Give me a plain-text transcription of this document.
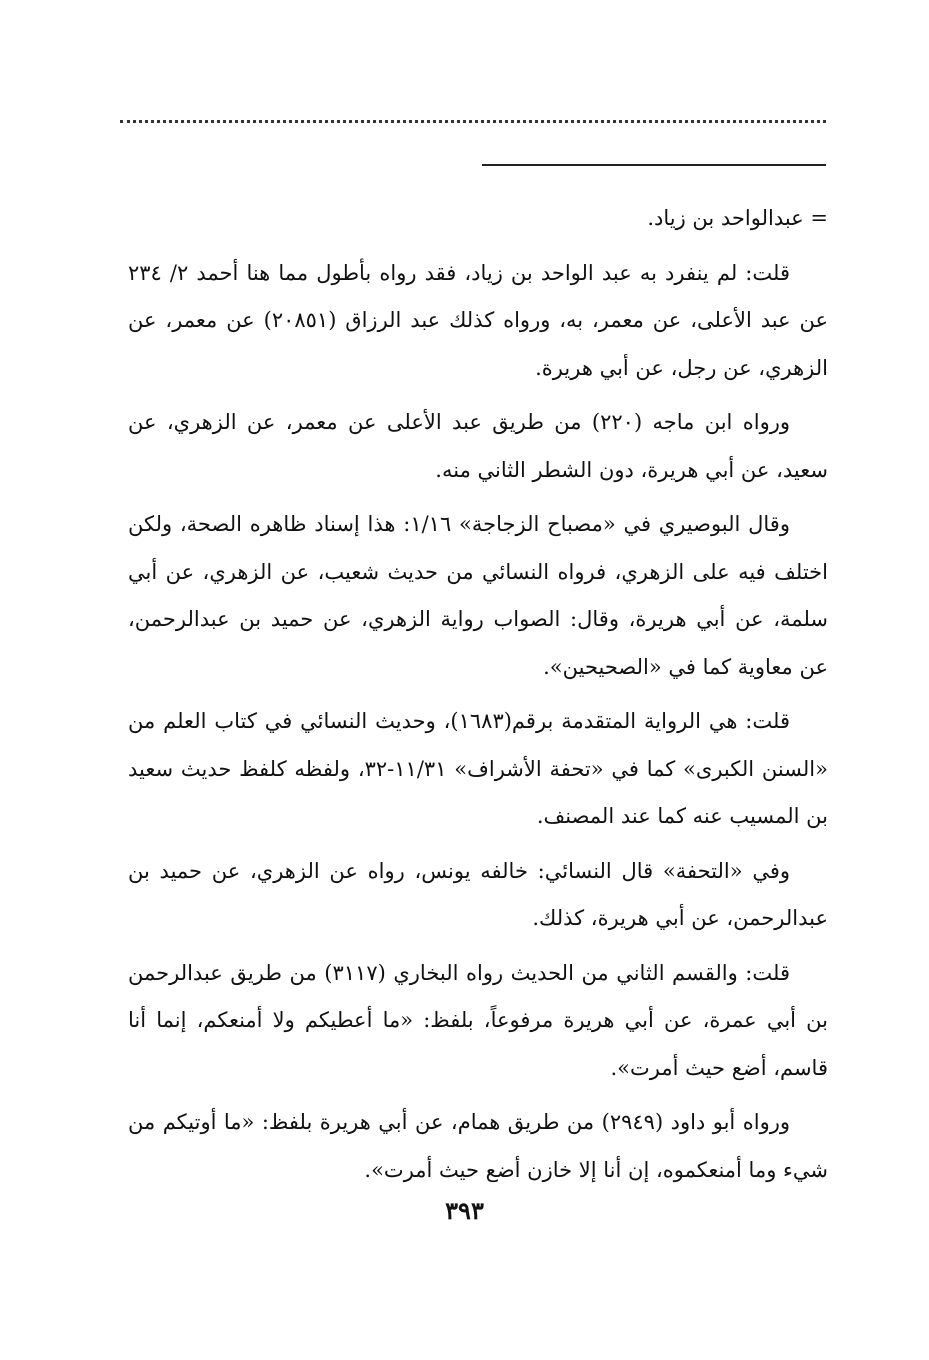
= عبدالواحد بن زياد.

قلت: لم ينفرد به عبد الواحد بن زياد، فقد رواه بأطول مما هنا أحمد ٢/ ٢٣٤ عن عبد الأعلى، عن معمر، به، ورواه كذلك عبد الرزاق (٢٠٨٥١) عن معمر، عن الزهري، عن رجل، عن أبي هريرة.

ورواه ابن ماجه (٢٢٠) من طريق عبد الأعلى عن معمر، عن الزهري، عن سعيد، عن أبي هريرة، دون الشطر الثاني منه.

وقال البوصيري في «مصباح الزجاجة» ١/١٦: هذا إسناد ظاهره الصحة، ولكن اختلف فيه على الزهري، فرواه النسائي من حديث شعيب، عن الزهري، عن أبي سلمة، عن أبي هريرة، وقال: الصواب رواية الزهري، عن حميد بن عبدالرحمن، عن معاوية كما في «الصحيحين».

قلت: هي الرواية المتقدمة برقم(١٦٨٣)، وحديث النسائي في كتاب العلم من «السنن الكبرى» كما في «تحفة الأشراف» ١١/٣١-٣٢، ولفظه كلفظ حديث سعيد بن المسيب عنه كما عند المصنف.

وفي «التحفة» قال النسائي: خالفه يونس، رواه عن الزهري، عن حميد بن عبدالرحمن، عن أبي هريرة، كذلك.

قلت: والقسم الثاني من الحديث رواه البخاري (٣١١٧) من طريق عبدالرحمن بن أبي عمرة، عن أبي هريرة مرفوعاً، بلفظ: «ما أعطيكم ولا أمنعكم، إنما أنا قاسم، أضع حيث أمرت».

ورواه أبو داود (٢٩٤٩) من طريق همام، عن أبي هريرة بلفظ: «ما أوتيكم من شيء وما أمنعكموه، إن أنا إلا خازن أضع حيث أمرت».

٣٩٣
